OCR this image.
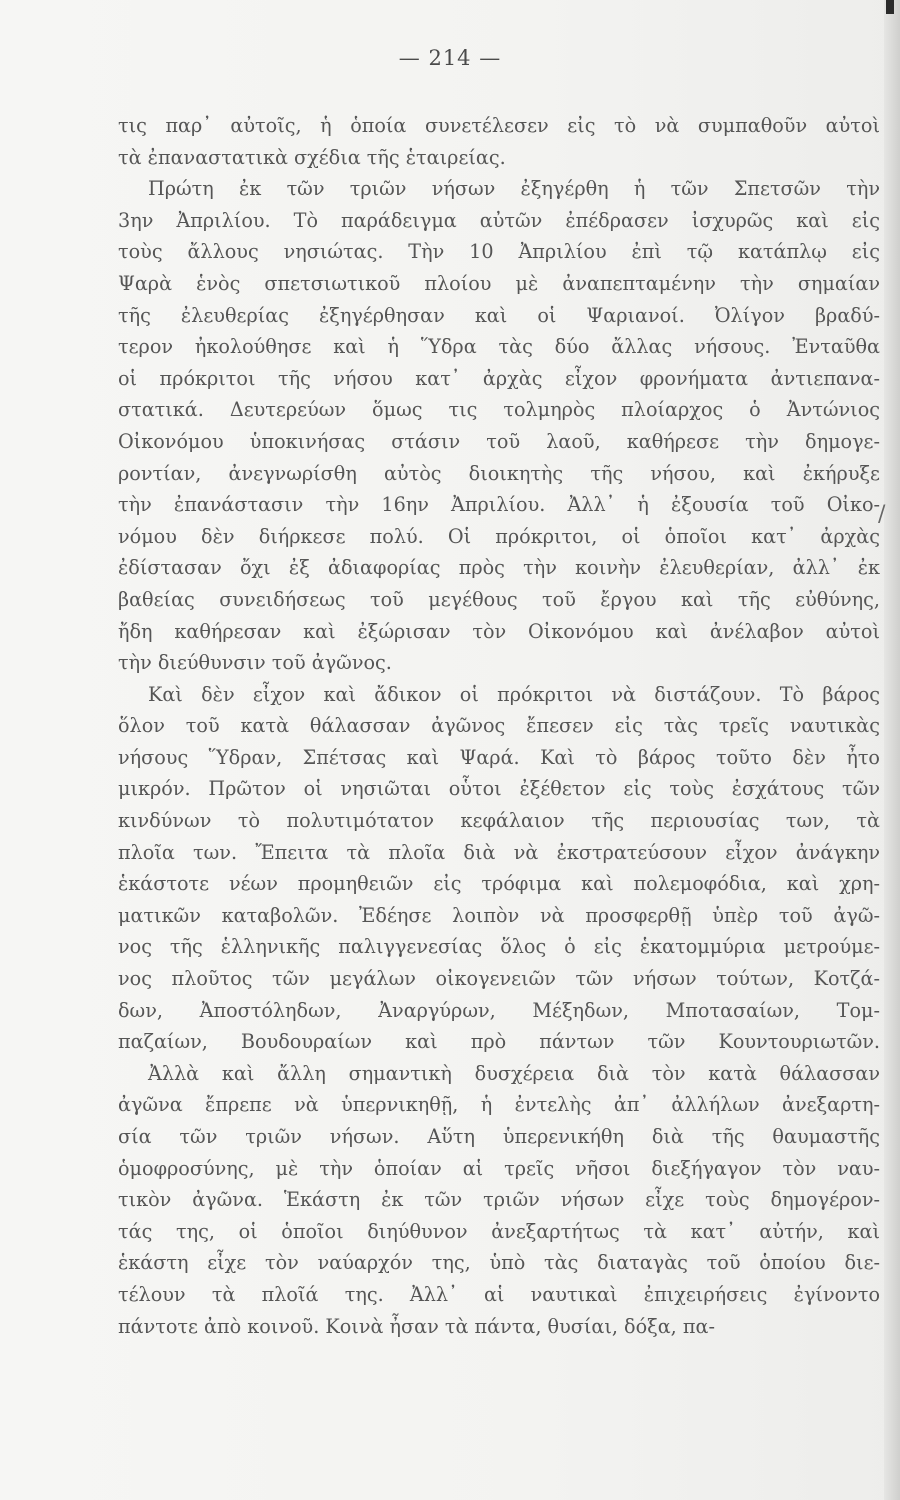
— 214 —
τις παρ᾽ αὐτοῖς, ἡ ὁποία συνετέλεσεν εἰς τὸ νὰ συμπαθοῦν αὐτοὶ
τὰ ἐπαναστατικὰ σχέδια τῆς ἑταιρείας.
Πρώτη ἐκ τῶν τριῶν νήσων ἐξηγέρθη ἡ τῶν Σπετσῶν τὴν
3ην Ἀπριλίου. Τὸ παράδειγμα αὐτῶν ἐπέδρασεν ἰσχυρῶς καὶ εἰς
τοὺς ἄλλους νησιώτας. Τὴν 10 Ἀπριλίου ἐπὶ τῷ κατάπλῳ εἰς
Ψαρὰ ἑνὸς σπετσιωτικοῦ πλοίου μὲ ἀναπεπταμένην τὴν σημαίαν
τῆς ἐλευθερίας ἐξηγέρθησαν καὶ οἱ Ψαριανοί. Ὀλίγον βραδύ-
τερον ἠκολούθησε καὶ ἡ Ὕδρα τὰς δύο ἄλλας νήσους. Ἐνταῦθα
οἱ πρόκριτοι τῆς νήσου κατ᾽ ἀρχὰς εἶχον φρονήματα ἀντιεπανα-
στατικά. Δευτερεύων ὅμως τις τολμηρὸς πλοίαρχος ὁ Ἀντώνιος
Οἰκονόμου ὑποκινήσας στάσιν τοῦ λαοῦ, καθήρεσε τὴν δημογε-
ροντίαν, ἀνεγνωρίσθη αὐτὸς διοικητὴς τῆς νήσου, καὶ ἐκήρυξε
τὴν ἐπανάστασιν τὴν 16ην Ἀπριλίου. Ἀλλ᾽ ἡ ἐξουσία τοῦ Οἰκο-
νόμου δὲν διήρκεσε πολύ. Οἱ πρόκριτοι, οἱ ὁποῖοι κατ᾽ ἀρχὰς
ἐδίστασαν ὄχι ἐξ ἀδιαφορίας πρὸς τὴν κοινὴν ἐλευθερίαν, ἀλλ᾽ ἐκ
βαθείας συνειδήσεως τοῦ μεγέθους τοῦ ἔργου καὶ τῆς εὐθύνης,
ἤδη καθήρεσαν καὶ ἐξώρισαν τὸν Οἰκονόμου καὶ ἀνέλαβον αὐτοὶ
τὴν διεύθυνσιν τοῦ ἀγῶνος.
Καὶ δὲν εἶχον καὶ ἄδικον οἱ πρόκριτοι νὰ διστάζουν. Τὸ βάρος
ὅλον τοῦ κατὰ θάλασσαν ἀγῶνος ἔπεσεν εἰς τὰς τρεῖς ναυτικὰς
νήσους Ὕδραν, Σπέτσας καὶ Ψαρά. Καὶ τὸ βάρος τοῦτο δὲν ἦτο
μικρόν. Πρῶτον οἱ νησιῶται οὗτοι ἐξέθετον εἰς τοὺς ἐσχάτους τῶν
κινδύνων τὸ πολυτιμότατον κεφάλαιον τῆς περιουσίας των, τὰ
πλοῖα των. Ἔπειτα τὰ πλοῖα διὰ νὰ ἐκστρατεύσουν εἶχον ἀνάγκην
ἑκάστοτε νέων προμηθειῶν εἰς τρόφιμα καὶ πολεμοφόδια, καὶ χρη-
ματικῶν καταβολῶν. Ἐδέησε λοιπὸν νὰ προσφερθῇ ὑπὲρ τοῦ ἀγῶ-
νος τῆς ἑλληνικῆς παλιγγενεσίας ὅλος ὁ εἰς ἑκατομμύρια μετρούμε-
νος πλοῦτος τῶν μεγάλων οἰκογενειῶν τῶν νήσων τούτων, Κοτζά-
δων, Ἀποστόληδων, Ἀναργύρων, Μέξηδων, Μποτασαίων, Τομ-
παζαίων, Βουδουραίων καὶ πρὸ πάντων τῶν Κουντουριωτῶν.
Ἀλλὰ καὶ ἄλλη σημαντικὴ δυσχέρεια διὰ τὸν κατὰ θάλασσαν
ἀγῶνα ἔπρεπε νὰ ὑπερνικηθῇ, ἡ ἐντελὴς ἀπ᾽ ἀλλήλων ἀνεξαρτη-
σία τῶν τριῶν νήσων. Αὕτη ὑπερενικήθη διὰ τῆς θαυμαστῆς
ὁμοφροσύνης, μὲ τὴν ὁποίαν αἱ τρεῖς νῆσοι διεξήγαγον τὸν ναυ-
τικὸν ἀγῶνα. Ἑκάστη ἐκ τῶν τριῶν νήσων εἶχε τοὺς δημογέρον-
τάς της, οἱ ὁποῖοι διηύθυνον ἀνεξαρτήτως τὰ κατ᾽ αὐτήν, καὶ
ἑκάστη εἶχε τὸν ναύαρχόν της, ὑπὸ τὰς διαταγὰς τοῦ ὁποίου διε-
τέλουν τὰ πλοῖά της. Ἀλλ᾽ αἱ ναυτικαὶ ἐπιχειρήσεις ἐγίνοντο
πάντοτε ἀπὸ κοινοῦ. Κοινὰ ἦσαν τὰ πάντα, θυσίαι, δόξα, πα-
/
